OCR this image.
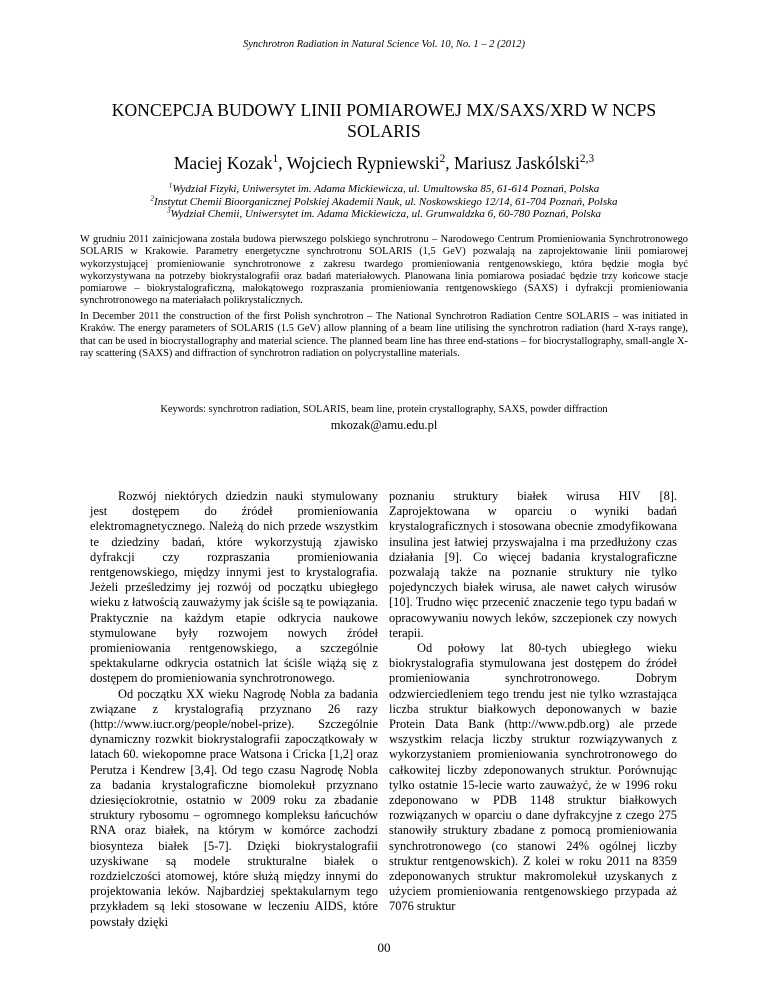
Synchrotron Radiation in Natural Science Vol. 10, No. 1 – 2 (2012)
KONCEPCJA BUDOWY LINII POMIAROWEJ MX/SAXS/XRD W NCPS SOLARIS
Maciej Kozak$^1$, Wojciech Rypniewski$^2$, Mariusz Jaskólski$^{2,3}$
$^1$Wydział Fizyki, Uniwersytet im. Adama Mickiewicza, ul. Umultowska 85, 61-614 Poznań, Polska
$^2$Instytut Chemii Bioorganicznej Polskiej Akademii Nauk, ul. Noskowskiego 12/14, 61-704 Poznań, Polska
$^3$Wydział Chemii, Uniwersytet im. Adama Mickiewicza, ul. Grunwaldzka 6, 60-780 Poznań, Polska
W grudniu 2011 zainicjowana została budowa pierwszego polskiego synchrotronu – Narodowego Centrum Promieniowania Synchrotronowego SOLARIS w Krakowie. Parametry energetyczne synchrotronu SOLARIS (1,5 GeV) pozwalają na zaprojektowanie linii pomiarowej wykorzystującej promieniowanie synchrotronowe z zakresu twardego promieniowania rentgenowskiego, która będzie mogła być wykorzystywana na potrzeby biokrystalografii oraz badań materiałowych. Planowana linia pomiarowa posiadać będzie trzy końcowe stacje pomiarowe – biokrystalograficzną, małokątowego rozpraszania promieniowania rentgenowskiego (SAXS) i dyfrakcji promieniowania synchrotronowego na materiałach polikrystalicznych.
In December 2011 the construction of the first Polish synchrotron – The National Synchrotron Radiation Centre SOLARIS – was initiated in Kraków. The energy parameters of SOLARIS (1.5 GeV) allow planning of a beam line utilising the synchrotron radiation (hard X-rays range), that can be used in biocrystallography and material science. The planned beam line has three end-stations – for biocrystallography, small-angle X-ray scattering (SAXS) and diffraction of synchrotron radiation on polycrystalline materials.
Keywords: synchrotron radiation, SOLARIS, beam line, protein crystallography, SAXS, powder diffraction
mkozak@amu.edu.pl

Rozwój niektórych dziedzin nauki stymulowany jest dostępem do źródeł promieniowania elektromagnetycznego. Należą do nich przede wszystkim te dziedziny badań, które wykorzystują zjawisko dyfrakcji czy rozpraszania promieniowania rentgenowskiego, między innymi jest to krystalografia. Jeżeli prześledzimy jej rozwój od początku ubiegłego wieku z łatwością zauważymy jak ściśle są te powiązania. Praktycznie na każdym etapie odkrycia naukowe stymulowane były rozwojem nowych źródeł promieniowania rentgenowskiego, a szczególnie spektakularne odkrycia ostatnich lat ściśle wiążą się z dostępem do promieniowania synchrotronowego.

Od początku XX wieku Nagrodę Nobla za badania związane z krystalografią przyznano 26 razy (http://www.iucr.org/people/nobel-prize). Szczególnie dynamiczny rozwkit biokrystalografii zapoczątkowały w latach 60. wiekopomne prace Watsona i Cricka [1,2] oraz Perutza i Kendrew [3,4]. Od tego czasu Nagrodę Nobla za badania krystalograficzne biomolekuł przyznano dziesięciokrotnie, ostatnio w 2009 roku za zbadanie struktury rybosomu – ogromnego kompleksu łańcuchów RNA oraz białek, na którym w komórce zachodzi biosynteza białek [5-7]. Dzięki biokrystalografii uzyskiwane są modele strukturalne białek o rozdzielczości atomowej, które służą między innymi do projektowania leków. Najbardziej spektakularnym tego przykładem są leki stosowane w leczeniu AIDS, które powstały dzięki

poznaniu struktury białek wirusa HIV [8]. Zaprojektowana w oparciu o wyniki badań krystalograficznych i stosowana obecnie zmodyfikowana insulina jest łatwiej przyswajalna i ma przedłużony czas działania [9]. Co więcej badania krystalograficzne pozwalają także na poznanie struktury nie tylko pojedynczych białek wirusa, ale nawet całych wirusów [10]. Trudno więc przecenić znaczenie tego typu badań w opracowywaniu nowych leków, szczepionek czy nowych terapii.

Od połowy lat 80-tych ubiegłego wieku biokrystalografia stymulowana jest dostępem do źródeł promieniowania synchrotronowego. Dobrym odzwierciedleniem tego trendu jest nie tylko wzrastająca liczba struktur białkowych deponowanych w bazie Protein Data Bank (http://www.pdb.org) ale przede wszystkim relacja liczby struktur rozwiązywanych z wykorzystaniem promieniowania synchrotronowego do całkowitej liczby zdeponowanych struktur. Porównując tylko ostatnie 15-lecie warto zauważyć, że w 1996 roku zdeponowano w PDB 1148 struktur białkowych rozwiązanych w oparciu o dane dyfrakcyjne z czego 275 stanowiły struktury zbadane z pomocą promieniowania synchrotronowego (co stanowi 24% ogólnej liczby struktur rentgenowskich). Z kolei w roku 2011 na 8359 zdeponowanych struktur makromolekuł uzyskanych z użyciem promieniowania rentgenowskiego przypada aż 7076 struktur

00
